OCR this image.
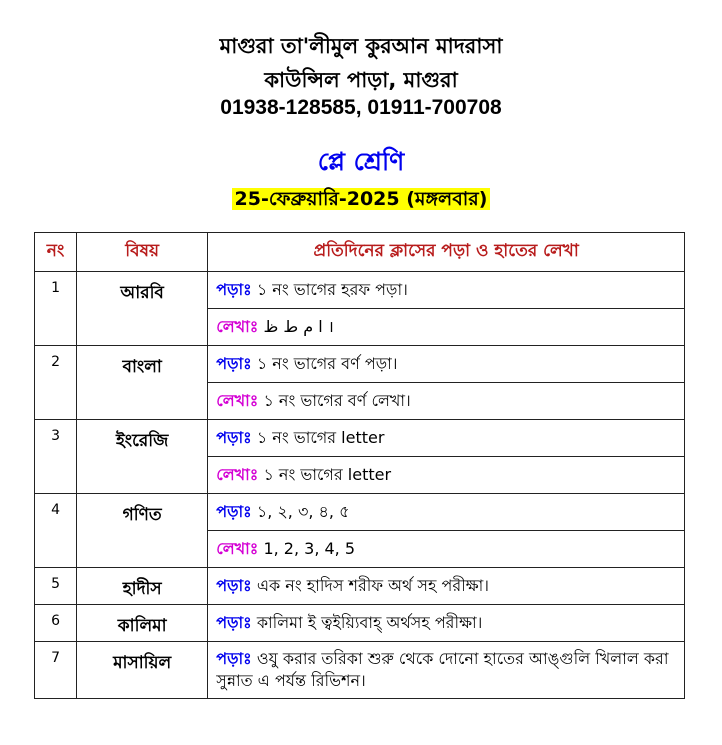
মাগুরা তা'লীমুল কুরআন মাদরাসা
কাউন্সিল পাড়া, মাগুরা
01938-128585, 01911-700708
প্লে শ্রেণি
25-ফেব্রুয়ারি-2025 (মঙ্গলবার)
নং	বিষয়	প্রতিদিনের ক্লাসের পড়া ও হাতের লেখা
1	আরবি	পড়াঃ ১ নং ভাগের হরফ পড়া।
		লেখাঃ ا م ط ظ ।
2	বাংলা	পড়াঃ ১ নং ভাগের বর্ণ পড়া।
		লেখাঃ ১ নং ভাগের বর্ণ লেখা।
3	ইংরেজি	পড়াঃ ১ নং ভাগের letter
		লেখাঃ ১ নং ভাগের letter
4	গণিত	পড়াঃ ১, ২, ৩, ৪, ৫
		লেখাঃ 1, 2, 3, 4, 5
5	হাদীস	পড়াঃ এক নং হাদিস শরীফ অর্থ সহ পরীক্ষা।
6	কালিমা	পড়াঃ কালিমা ই ত্বইয়্যিবাহ্ অর্থসহ পরীক্ষা।
7	মাসায়িল	পড়াঃ ওযু করার তরিকা শুরু থেকে দোনো হাতের আঙ্গুলি খিলাল করা সুন্নাত এ পর্যন্ত রিভিশন।
